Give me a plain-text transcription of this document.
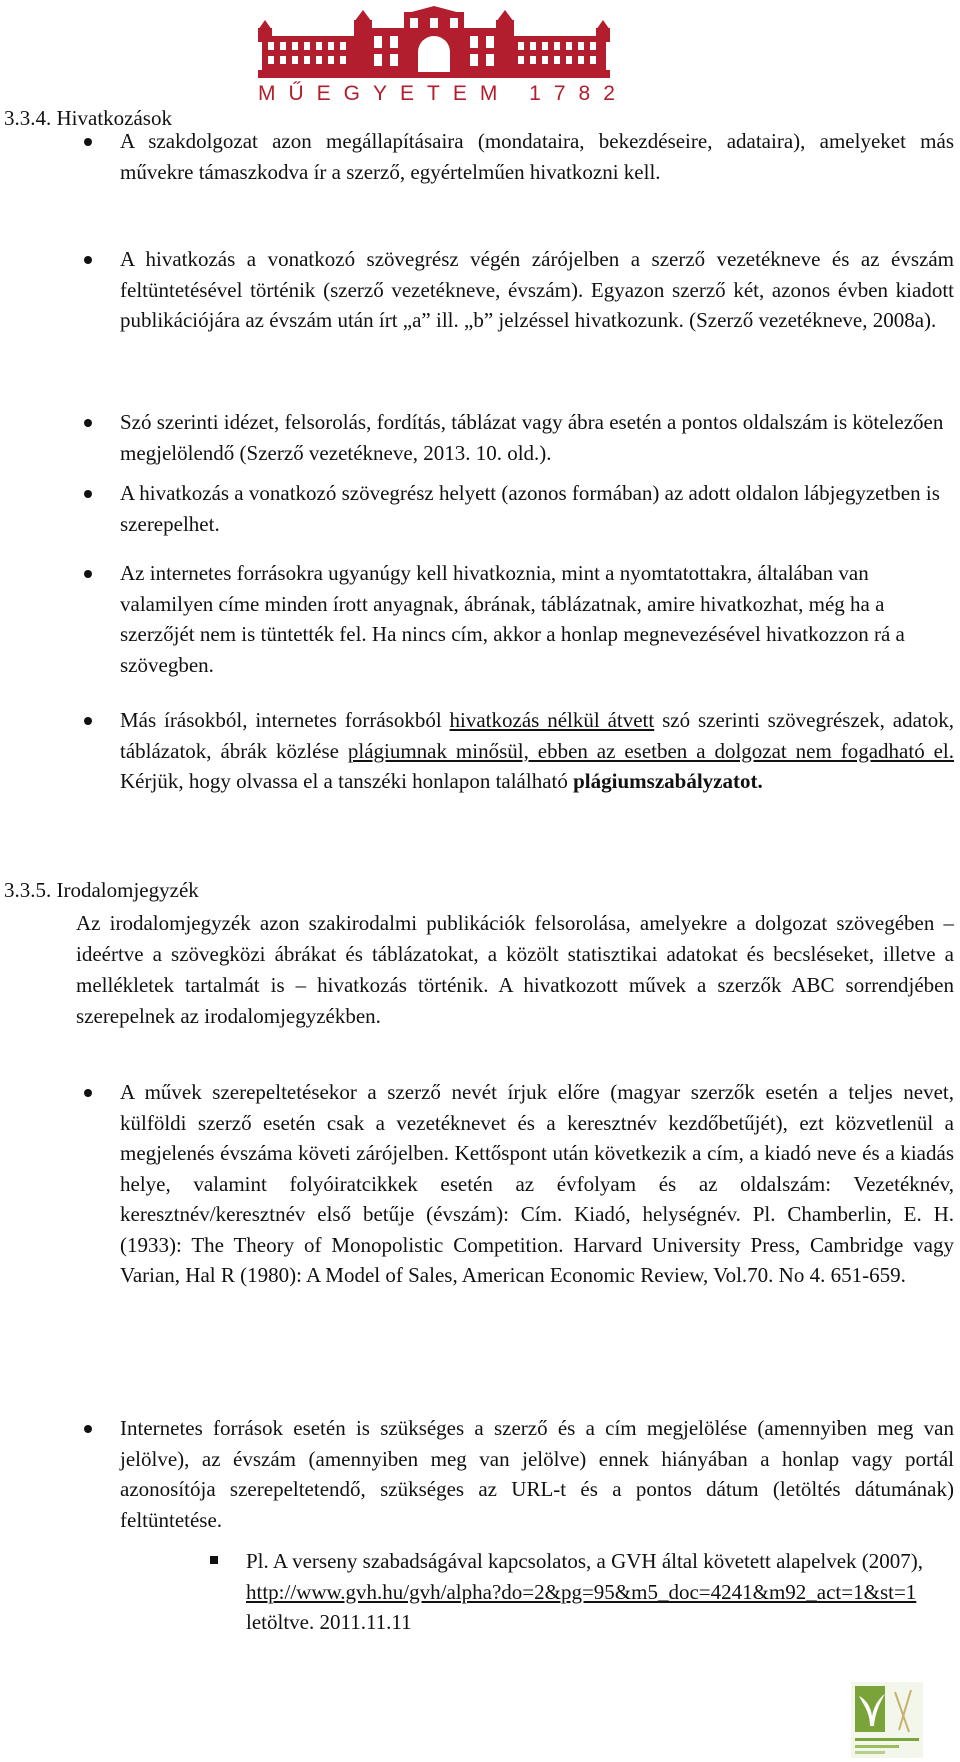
MŰEGYETEM 1782
3.3.4. Hivatkozások
A szakdolgozat azon megállapításaira (mondataira, bekezdéseire, adataira), amelyeket más művekre támaszkodva ír a szerző, egyértelműen hivatkozni kell.
A hivatkozás a vonatkozó szövegrész végén zárójelben a szerző vezetékneve és az évszám feltüntetésével történik (szerző vezetékneve, évszám). Egyazon szerző két, azonos évben kiadott publikációjára az évszám után írt „a” ill. „b” jelzéssel hivatkozunk. (Szerző vezetékneve, 2008a).
Szó szerinti idézet, felsorolás, fordítás, táblázat vagy ábra esetén a pontos oldalszám is kötelezően megjelölendő (Szerző vezetékneve, 2013. 10. old.).
A hivatkozás a vonatkozó szövegrész helyett (azonos formában) az adott oldalon lábjegyzetben is szerepelhet.
Az internetes forrásokra ugyanúgy kell hivatkoznia, mint a nyomtatottakra, általában van valamilyen címe minden írott anyagnak, ábrának, táblázatnak, amire hivatkozhat, még ha a szerzőjét nem is tüntették fel. Ha nincs cím, akkor a honlap megnevezésével hivatkozzon rá a szövegben.
Más írásokból, internetes forrásokból hivatkozás nélkül átvett szó szerinti szövegrészek, adatok, táblázatok, ábrák közlése plágiumnak minősül, ebben az esetben a dolgozat nem fogadható el. Kérjük, hogy olvassa el a tanszéki honlapon található plágiumszabályzatot.
3.3.5. Irodalomjegyzék
Az irodalomjegyzék azon szakirodalmi publikációk felsorolása, amelyekre a dolgozat szövegében – ideértve a szövegközi ábrákat és táblázatokat, a közölt statisztikai adatokat és becsléseket, illetve a mellékletek tartalmát is – hivatkozás történik. A hivatkozott művek a szerzők ABC sorrendjében szerepelnek az irodalomjegyzékben.
A művek szerepeltetésekor a szerző nevét írjuk előre (magyar szerzők esetén a teljes nevet, külföldi szerző esetén csak a vezetéknevet és a keresztnév kezdőbetűjét), ezt közvetlenül a megjelenés évszáma követi zárójelben. Kettőspont után következik a cím, a kiadó neve és a kiadás helye, valamint folyóiratcikkek esetén az évfolyam és az oldalszám: Vezetéknév, keresztnév/keresztnév első betűje (évszám): Cím. Kiadó, helységnév. Pl. Chamberlin, E. H. (1933): The Theory of Monopolistic Competition. Harvard University Press, Cambridge vagy Varian, Hal R (1980): A Model of Sales, American Economic Review, Vol.70. No 4. 651-659.
Internetes források esetén is szükséges a szerző és a cím megjelölése (amennyiben meg van jelölve), az évszám (amennyiben meg van jelölve) ennek hiányában a honlap vagy portál azonosítója szerepeltetendő, szükséges az URL-t és a pontos dátum (letöltés dátumának) feltüntetése.
Pl. A verseny szabadságával kapcsolatos, a GVH által követett alapelvek (2007), http://www.gvh.hu/gvh/alpha?do=2&pg=95&m5_doc=4241&m92_act=1&st=1 letöltve. 2011.11.11
